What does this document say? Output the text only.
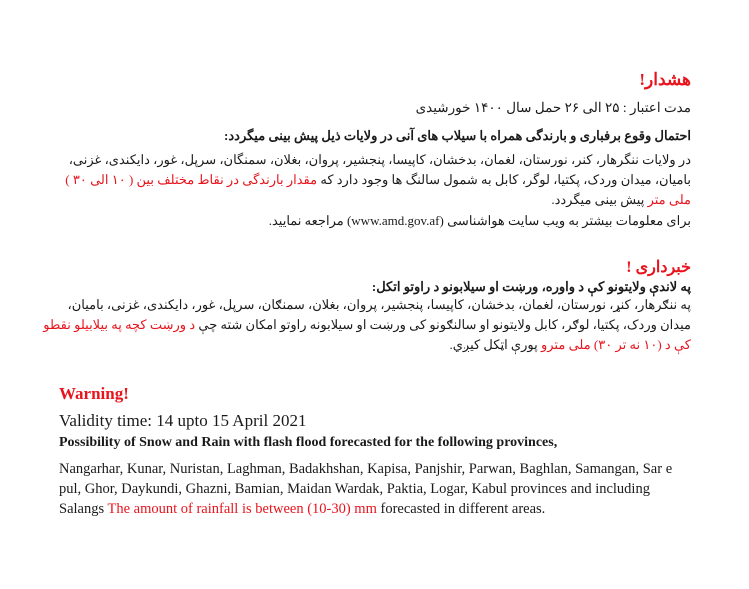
هشدار!
مدت اعتبار : ۲۵ الی ۲۶ حمل سال ۱۴۰۰ خورشیدی
احتمال وقوع برفباری و بارندگی همراه با سیلاب های آنی در ولایات ذیل پیش بینی میگردد:
در ولایات ننگرهار، کنر، نورستان، لغمان، بدخشان، کاپیسا، پنجشیر، پروان، بغلان، سمنگان، سرپل، غور، دایکندی، غزنی، بامیان، میدان وردک، پکتیا، لوگر، کابل به شمول سالنگ ها وجود دارد که مقدار بارندگی در نقاط مختلف بین ( ۱۰ الی ۳۰ ) ملی متر پیش بینی میگردد.
برای معلومات بیشتر به ویب سایت هواشناسی (www.amd.gov.af) مراجعه نمایید.
خبرداری !
په لاندې ولایتونو کې د واوره، ورښت او سیلابونو د راوتو اتکل:
په ننګرهار، کنړ، نورستان، لغمان، بدخشان، کاپیسا، پنجشیر، پروان، بغلان، سمنګان، سرپل، غور، دایکندی، غزنی، بامیان، میدان وردک، پکتیا، لوګر، کابل ولایتونو او سالنګونو کی ورښت او سیلابونه راوتو امکان شته چې د ورښت کچه په بیلابیلو نقطو کې د (۱۰ نه تر ۳۰) ملی مترو پورې اټکل کیږي.
Warning!
Validity time: 14 upto 15 April 2021
Possibility of Snow and Rain with flash flood forecasted for the following provinces,
Nangarhar, Kunar, Nuristan, Laghman, Badakhshan, Kapisa, Panjshir, Parwan, Baghlan, Samangan, Sar e pul, Ghor, Daykundi, Ghazni, Bamian, Maidan Wardak, Paktia, Logar, Kabul provinces and including Salangs The amount of rainfall is between (10-30) mm forecasted in different areas.
